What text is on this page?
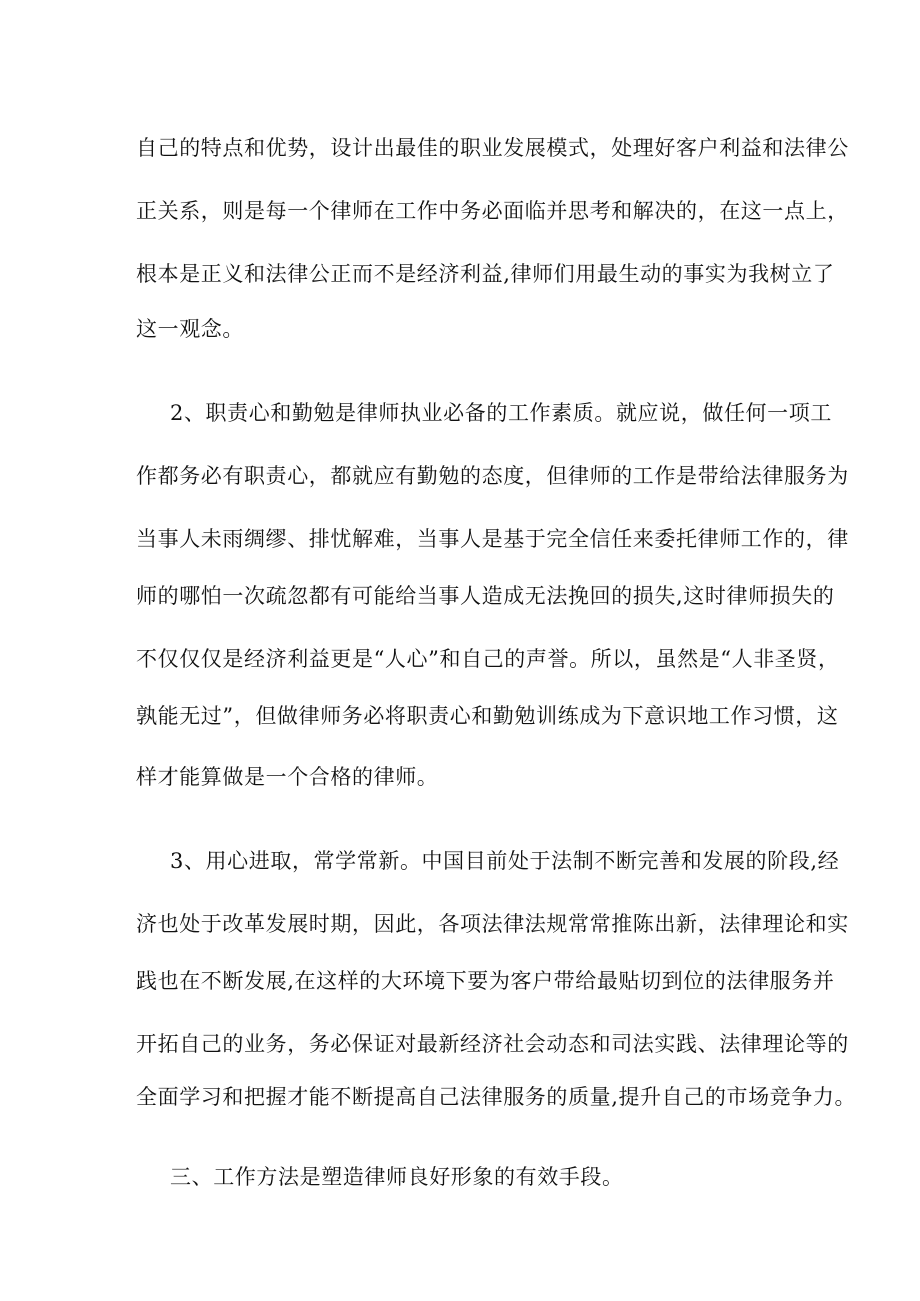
自己的特点和优势，设计出最佳的职业发展模式，处理好客户利益和法律公
正关系，则是每一个律师在工作中务必面临并思考和解决的，在这一点上，
根本是正义和法律公正而不是经济利益,律师们用最生动的事实为我树立了
这一观念。
2、职责心和勤勉是律师执业必备的工作素质。就应说，做任何一项工
作都务必有职责心，都就应有勤勉的态度，但律师的工作是带给法律服务为
当事人未雨绸缪、排忧解难，当事人是基于完全信任来委托律师工作的，律
师的哪怕一次疏忽都有可能给当事人造成无法挽回的损失,这时律师损失的
不仅仅仅是经济利益更是“人心”和自己的声誉。所以，虽然是“人非圣贤，
孰能无过”，但做律师务必将职责心和勤勉训练成为下意识地工作习惯，这
样才能算做是一个合格的律师。
3、用心进取，常学常新。中国目前处于法制不断完善和发展的阶段,经
济也处于改革发展时期，因此，各项法律法规常常推陈出新，法律理论和实
践也在不断发展,在这样的大环境下要为客户带给最贴切到位的法律服务并
开拓自己的业务，务必保证对最新经济社会动态和司法实践、法律理论等的
全面学习和把握才能不断提高自己法律服务的质量,提升自己的市场竞争力。
三、工作方法是塑造律师良好形象的有效手段。
